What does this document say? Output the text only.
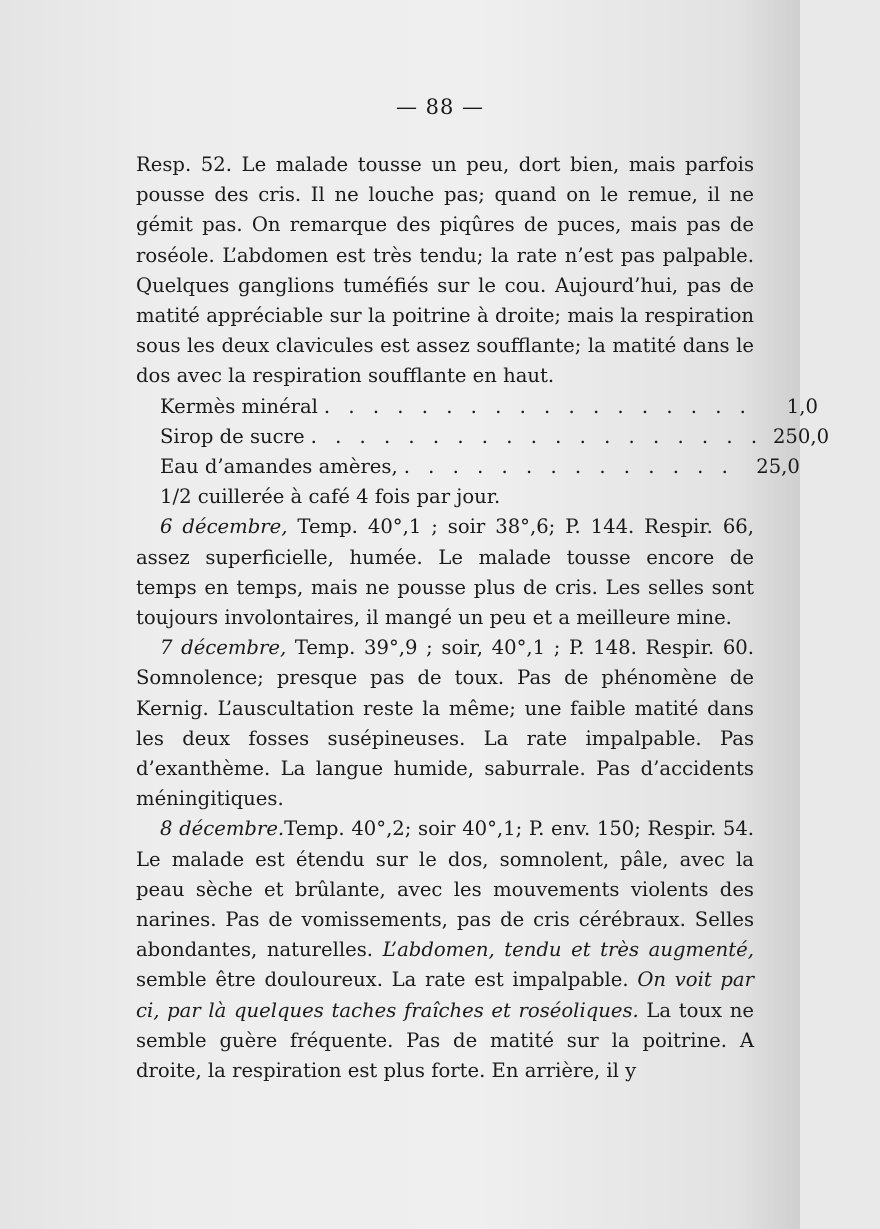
— 88 —

Resp. 52. Le malade tousse un peu, dort bien, mais parfois pousse des cris. Il ne louche pas; quand on le remue, il ne gémit pas. On remarque des piqûres de puces, mais pas de roséole. L’abdomen est très tendu; la rate n’est pas palpable. Quelques ganglions tuméfiés sur le cou. Aujourd’hui, pas de matité appréciable sur la poitrine à droite; mais la respiration sous les deux clavicules est assez soufflante; la matité dans le dos avec la respiration soufflante en haut.

Kermès minéral . . . . . . . . . . . . . . . . . .	1,0
Sirop de sucre . . . . . . . . . . . . . . . . . . . 250,0
Eau d’amandes amères, . . . . . . . . . . . . . .	25,0

1/2 cuillerée à café 4 fois par jour.

6 décembre, Temp. 40°,1 ; soir 38°,6; P. 144. Respir. 66, assez superficielle, humée. Le malade tousse encore de temps en temps, mais ne pousse plus de cris. Les selles sont toujours involontaires, il mangé un peu et a meilleure mine.

7 décembre, Temp. 39°,9 ; soir, 40°,1 ; P. 148. Respir. 60. Somnolence; presque pas de toux. Pas de phénomène de Kernig. L’auscultation reste la même; une faible matité dans les deux fosses susépineuses. La rate impalpable. Pas d’exanthème. La langue humide, saburrale. Pas d’accidents méningitiques.

8 décembre.Temp. 40°,2; soir 40°,1; P. env. 150; Respir. 54. Le malade est étendu sur le dos, somnolent, pâle, avec la peau sèche et brûlante, avec les mouvements violents des narines. Pas de vomissements, pas de cris cérébraux. Selles abondantes, naturelles. L’abdomen, tendu et très augmenté, semble être douloureux. La rate est impalpable. On voit par ci, par là quelques taches fraîches et roséoliques. La toux ne semble guère fréquente. Pas de matité sur la poitrine. A droite, la respiration est plus forte. En arrière, il y
